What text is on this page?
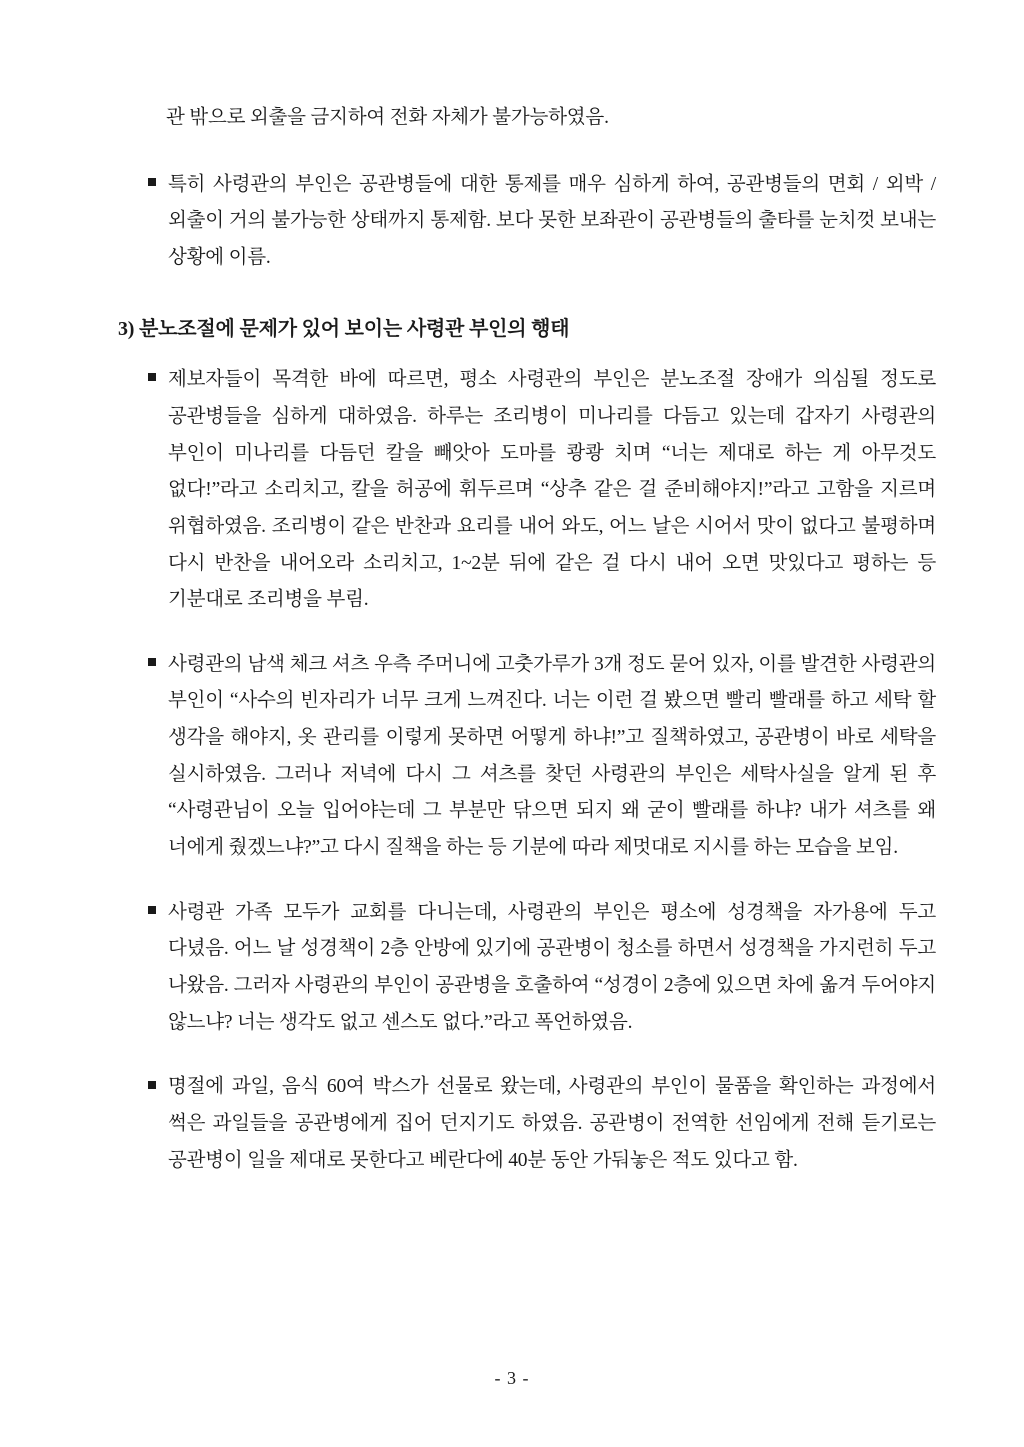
관 밖으로 외출을 금지하여 전화 자체가 불가능하였음.
특히 사령관의 부인은 공관병들에 대한 통제를 매우 심하게 하여, 공관병들의 면회 / 외박 / 외출이 거의 불가능한 상태까지 통제함. 보다 못한 보좌관이 공관병들의 출타를 눈치껏 보내는 상황에 이름.
3) 분노조절에 문제가 있어 보이는 사령관 부인의 행태
제보자들이 목격한 바에 따르면, 평소 사령관의 부인은 분노조절 장애가 의심될 정도로 공관병들을 심하게 대하였음. 하루는 조리병이 미나리를 다듬고 있는데 갑자기 사령관의 부인이 미나리를 다듬던 칼을 빼앗아 도마를 쾅쾅 치며 “너는 제대로 하는 게 아무것도 없다!”라고 소리치고, 칼을 허공에 휘두르며 “상추 같은 걸 준비해야지!”라고 고함을 지르며 위협하였음. 조리병이 같은 반찬과 요리를 내어 와도, 어느 날은 시어서 맛이 없다고 불평하며 다시 반찬을 내어오라 소리치고, 1~2분 뒤에 같은 걸 다시 내어 오면 맛있다고 평하는 등 기분대로 조리병을 부림.
사령관의 남색 체크 셔츠 우측 주머니에 고춧가루가 3개 정도 묻어 있자, 이를 발견한 사령관의 부인이 “사수의 빈자리가 너무 크게 느껴진다. 너는 이런 걸 봤으면 빨리 빨래를 하고 세탁 할 생각을 해야지, 옷 관리를 이렇게 못하면 어떻게 하냐!”고 질책하였고, 공관병이 바로 세탁을 실시하였음. 그러나 저녁에 다시 그 셔츠를 찾던 사령관의 부인은 세탁사실을 알게 된 후 “사령관님이 오늘 입어야는데 그 부분만 닦으면 되지 왜 굳이 빨래를 하냐? 내가 셔츠를 왜 너에게 줬겠느냐?”고 다시 질책을 하는 등 기분에 따라 제멋대로 지시를 하는 모습을 보임.
사령관 가족 모두가 교회를 다니는데, 사령관의 부인은 평소에 성경책을 자가용에 두고 다녔음. 어느 날 성경책이 2층 안방에 있기에 공관병이 청소를 하면서 성경책을 가지런히 두고 나왔음. 그러자 사령관의 부인이 공관병을 호출하여 “성경이 2층에 있으면 차에 옮겨 두어야지 않느냐? 너는 생각도 없고 센스도 없다.”라고 폭언하였음.
명절에 과일, 음식 60여 박스가 선물로 왔는데, 사령관의 부인이 물품을 확인하는 과정에서 썩은 과일들을 공관병에게 집어 던지기도 하였음. 공관병이 전역한 선임에게 전해 듣기로는 공관병이 일을 제대로 못한다고 베란다에 40분 동안 가둬놓은 적도 있다고 함.
- 3 -
